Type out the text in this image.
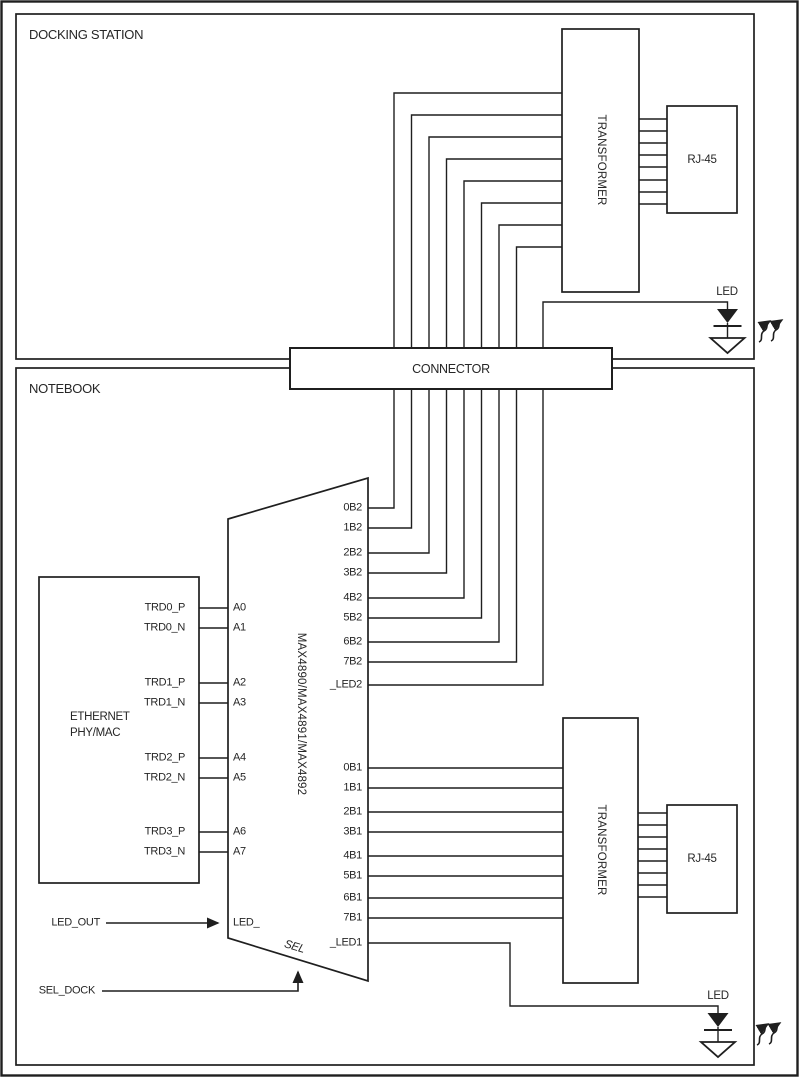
DOCKING STATION
NOTEBOOK
CONNECTOR
TRANSFORMER	RJ-45
LED
TRANSFORMER	RJ-45
LED
ETHERNET
PHY/MAC	MAX4890/MAX4891/MAX4892
TRD0_P
TRD0_N
TRD1_P
TRD1_N
TRD2_P
TRD2_N
TRD3_P
TRD3_N
A0
A1
A2
A3
A4
A5
A6
A7
0B2
1B2
2B2
3B2
4B2
5B2
6B2
7B2
_LED2
0B1
1B1
2B1
3B1
4B1
5B1
6B1
7B1
_LED1
LED_
SEL
LED_OUT
SEL_DOCK
